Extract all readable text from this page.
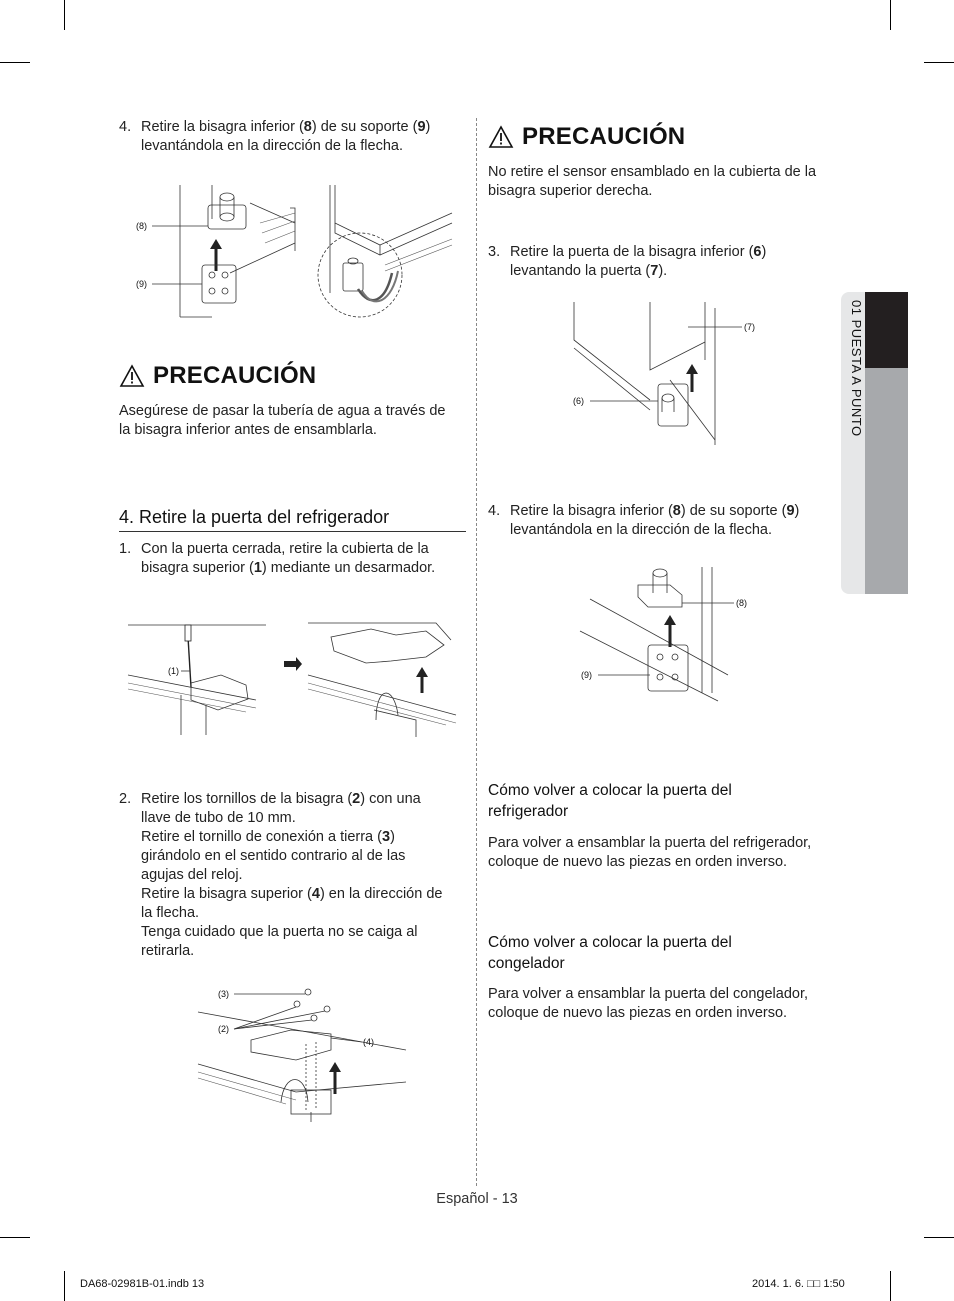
4. Retire la bisagra inferior (8) de su soporte (9)
levantándola en la dirección de la flecha.
(8)
(9)
PRECAUCIÓN
Asegúrese de pasar la tubería de agua a través de
la bisagra inferior antes de ensamblarla.
4. Retire la puerta del refrigerador
1. Con la puerta cerrada, retire la cubierta de la
bisagra superior (1) mediante un desarmador.
(1)
2. Retire los tornillos de la bisagra (2) con una
llave de tubo de 10 mm.
Retire el tornillo de conexión a tierra (3)
girándolo en el sentido contrario al de las
agujas del reloj.
Retire la bisagra superior (4) en la dirección de
la flecha.
Tenga cuidado que la puerta no se caiga al
retirarla.
(3)
(2)
(4)
PRECAUCIÓN
No retire el sensor ensamblado en la cubierta de la
bisagra superior derecha.
3. Retire la puerta de la bisagra inferior (6)
levantando la puerta (7).
(7)
(6)
4. Retire la bisagra inferior (8) de su soporte (9)
levantándola en la dirección de la flecha.
(8)
(9)
Cómo volver a colocar la puerta del
refrigerador
Para volver a ensamblar la puerta del refrigerador,
coloque de nuevo las piezas en orden inverso.
Cómo volver a colocar la puerta del
congelador
Para volver a ensamblar la puerta del congelador,
coloque de nuevo las piezas en orden inverso.
01 PUESTA A PUNTO
Español - 13
DA68-02981B-01.indb 13	2014. 1. 6. □□ 1:50
